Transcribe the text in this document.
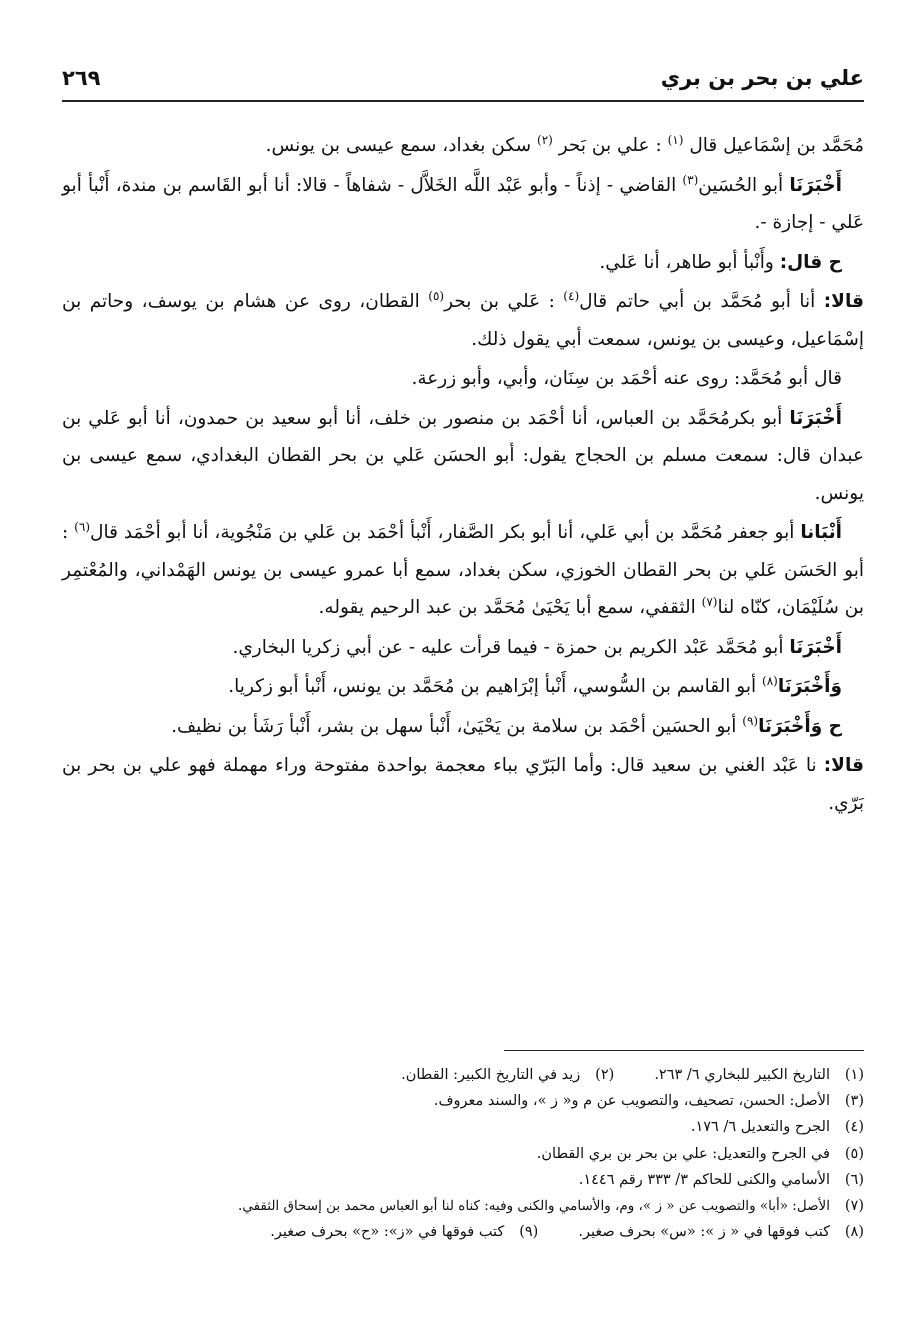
علي بن بحر بن بري
٢٦٩

مُحَمَّد بن إسْمَاعيل قال $^{(١)}$ : علي بن بَحر $^{(٢)}$ سكن بغداد، سمع عيسى بن يونس.

أَخْبَرَنَا أبو الحُسَين$^{(٣)}$ القاضي - إذناً - وأبو عَبْد اللَّه الخَلاَّل - شفاهاً - قالا: أنا أبو القَاسم بن مندة، أَنْبأ أبو عَلي - إجازة -.

ح قال: وأَنْبأ أبو طاهر، أنا عَلي.

قالا: أنا أبو مُحَمَّد بن أبي حاتم قال$^{(٤)}$ : عَلي بن بحر$^{(٥)}$ القطان، روى عن هشام بن يوسف، وحاتم بن إسْمَاعيل، وعيسى بن يونس، سمعت أبي يقول ذلك.

قال أبو مُحَمَّد: روى عنه أحْمَد بن سِنَان، وأبي، وأبو زرعة.

أَخْبَرَنَا أبو بكرمُحَمَّد بن العباس، أنا أحْمَد بن منصور بن خلف، أنا أبو سعيد بن حمدون، أنا أبو عَلي بن عبدان قال: سمعت مسلم بن الحجاج يقول: أبو الحسَن عَلي بن بحر القطان البغدادي، سمع عيسى بن يونس.

أَنْبَانا أبو جعفر مُحَمَّد بن أبي عَلي، أنا أبو بكر الصَّفار، أَنْبأ أحْمَد بن عَلي بن مَنْجُوية، أنا أبو أحْمَد قال$^{(٦)}$ : أبو الحَسَن عَلي بن بحر القطان الخوزي، سكن بغداد، سمع أبا عمرو عيسى بن يونس الهَمْداني، والمُعْتمِر بن سُلَيْمَان، كنّاه لنا$^{(٧)}$ الثقفي، سمع أبا يَحْيَىٰ مُحَمَّد بن عبد الرحيم يقوله.

أَخْبَرَنَا أبو مُحَمَّد عَبْد الكريم بن حمزة - فيما قرأت عليه - عن أبي زكريا البخاري.

وَأَخْبَرَنَا$^{(٨)}$ أبو القاسم بن السُّوسي، أَنْبأ إبْرَاهيم بن مُحَمَّد بن يونس، أَنْبأ أبو زكريا.

ح وَأَخْبَرَنَا$^{(٩)}$ أبو الحسَين أحْمَد بن سلامة بن يَحْيَىٰ، أَنْبأ سهل بن بشر، أَنْبأ رَشَأ بن نظيف.

قالا: نا عَبْد الغني بن سعيد قال: وأما البَرّي بباء معجمة بواحدة مفتوحة وراء مهملة فهو علي بن بحر بن بَرّي.

(١)
التاريخ الكبير للبخاري ٦/ ٢٦٣.
(٢)
زيد في التاريخ الكبير: القطان.
(٣)
الأصل: الحسن، تصحيف، والتصويب عن م و« ز »، والسند معروف.
(٤)
الجرح والتعديل ٦/ ١٧٦.
(٥)
في الجرح والتعديل: علي بن بحر بن بري القطان.
(٦)
الأسامي والكنى للحاكم ٣/ ٣٣٣ رقم ١٤٤٦.
(٧)
الأصل: «أبا» والتصويب عن « ز »، وم، والأسامي والكنى وفيه: كناه لنا أبو العباس محمد بن إسحاق الثقفي.
(٨)
كتب فوقها في « ز »: «س» بحرف صغير.
(٩)
كتب فوقها في «ز»: «ح» بحرف صغير.
